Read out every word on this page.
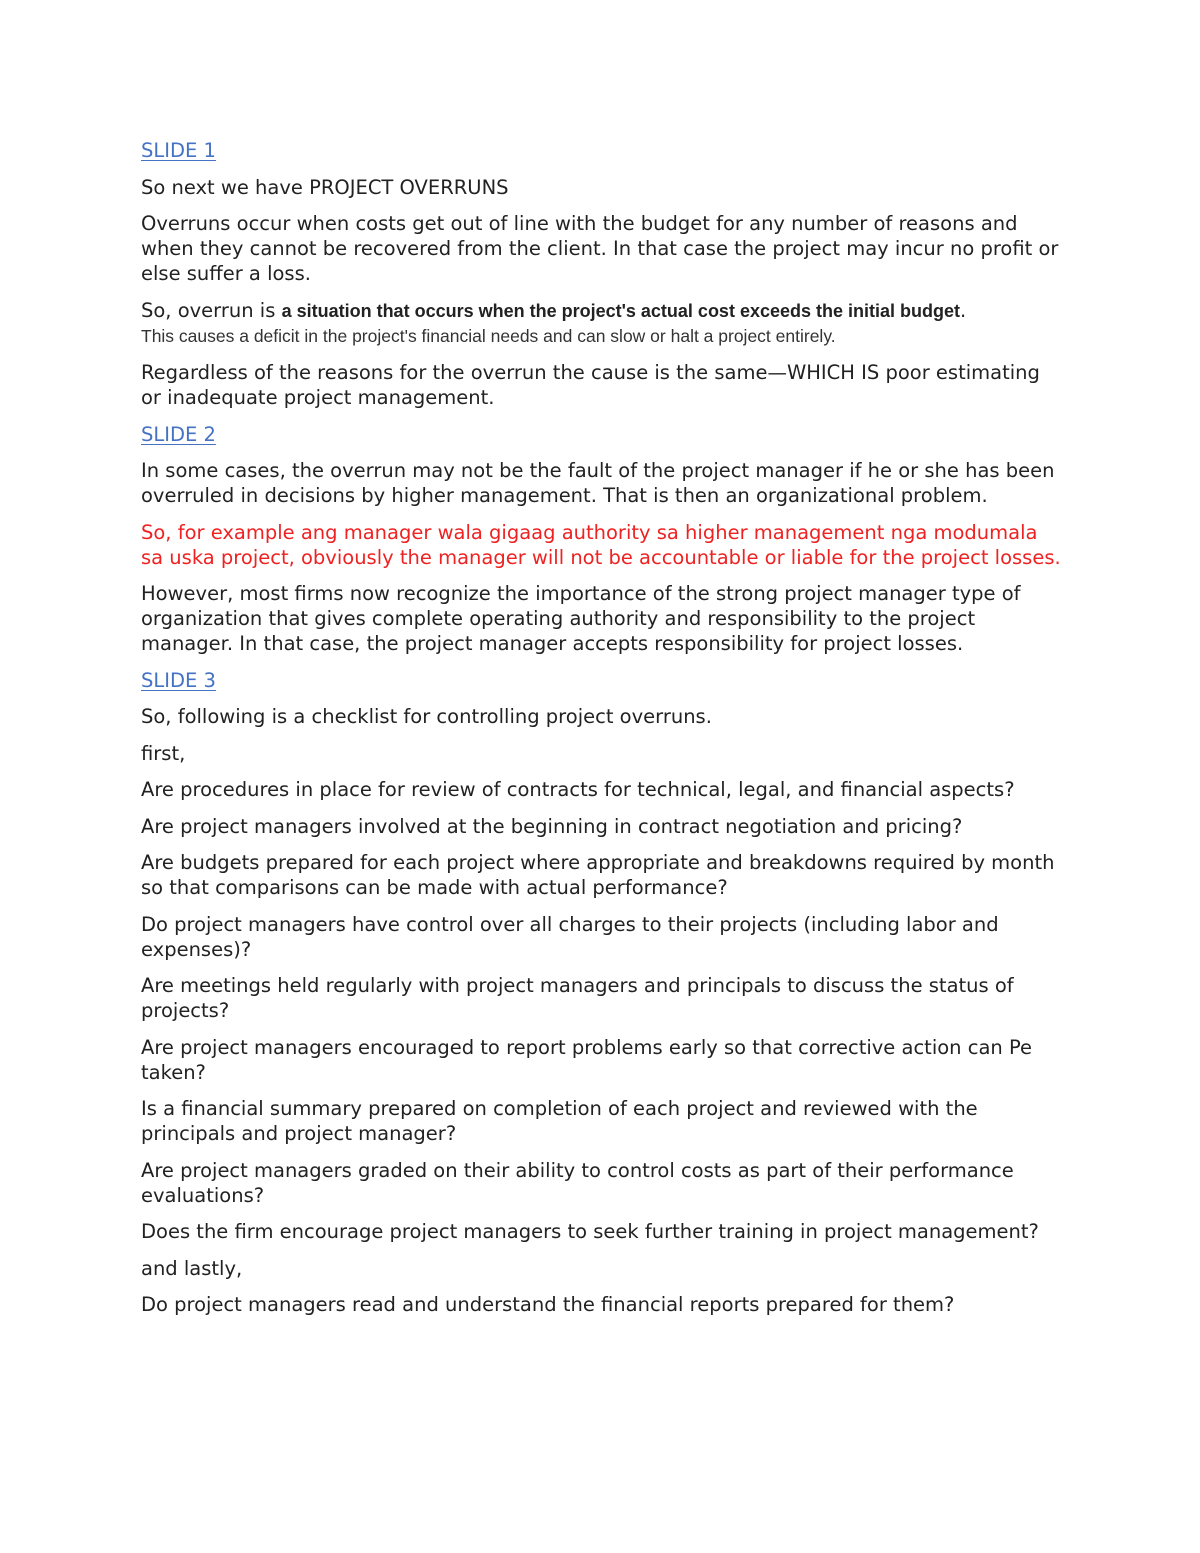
SLIDE 1

So next we have PROJECT OVERRUNS

Overruns occur when costs get out of line with the budget for any number of reasons and when they cannot be recovered from the client. In that case the project may incur no profit or else suffer a loss.

So, overrun is a situation that occurs when the project's actual cost exceeds the initial budget.

This causes a deficit in the project's financial needs and can slow or halt a project entirely.

Regardless of the reasons for the overrun the cause is the same—WHICH IS poor estimating or inadequate project management.

SLIDE 2

In some cases, the overrun may not be the fault of the project manager if he or she has been overruled in decisions by higher management. That is then an organizational problem.

So, for example ang manager wala gigaag authority sa higher management nga modumala sa uska project, obviously the manager will not be accountable or liable for the project losses.

However, most firms now recognize the importance of the strong project manager type of organization that gives complete operating authority and responsibility to the project manager. In that case, the project manager accepts responsibility for project losses.

SLIDE 3

So, following is a checklist for controlling project overruns.

first,

Are procedures in place for review of contracts for technical, legal, and financial aspects?

Are project managers involved at the beginning in contract negotiation and pricing?

Are budgets prepared for each project where appropriate and breakdowns required by month so that comparisons can be made with actual performance?

Do project managers have control over all charges to their projects (including labor and expenses)?

Are meetings held regularly with project managers and principals to discuss the status of projects?

Are project managers encouraged to report problems early so that corrective action can Pe taken?

Is a financial summary prepared on completion of each project and reviewed with the principals and project manager?

Are project managers graded on their ability to control costs as part of their performance evaluations?

Does the firm encourage project managers to seek further training in project management?

and lastly,

Do project managers read and understand the financial reports prepared for them?
